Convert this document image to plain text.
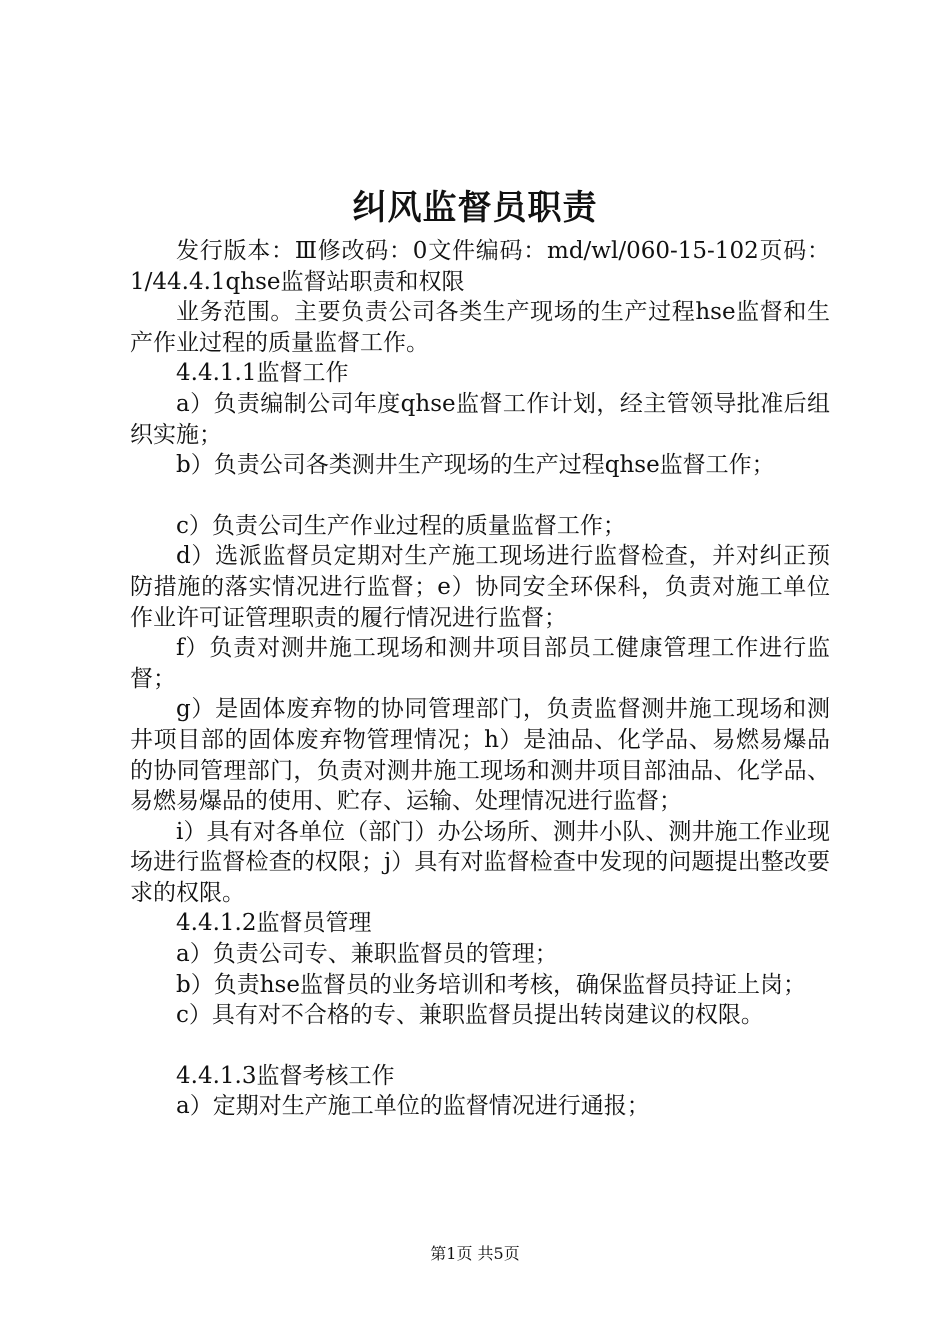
纠风监督员职责

发行版本：Ⅲ修改码：0文件编码：md/wl/060-15-102页码：1/44.4.1qhse监督站职责和权限

业务范围。主要负责公司各类生产现场的生产过程hse监督和生产作业过程的质量监督工作。

4.4.1.1监督工作

a）负责编制公司年度qhse监督工作计划，经主管领导批准后组织实施；

b）负责公司各类测井生产现场的生产过程qhse监督工作；

c）负责公司生产作业过程的质量监督工作；

d）选派监督员定期对生产施工现场进行监督检查，并对纠正预防措施的落实情况进行监督；e）协同安全环保科，负责对施工单位作业许可证管理职责的履行情况进行监督；

f）负责对测井施工现场和测井项目部员工健康管理工作进行监督；

g）是固体废弃物的协同管理部门，负责监督测井施工现场和测井项目部的固体废弃物管理情况；h）是油品、化学品、易燃易爆品的协同管理部门，负责对测井施工现场和测井项目部油品、化学品、易燃易爆品的使用、贮存、运输、处理情况进行监督；

i）具有对各单位（部门）办公场所、测井小队、测井施工作业现场进行监督检查的权限；j）具有对监督检查中发现的问题提出整改要求的权限。

4.4.1.2监督员管理

a）负责公司专、兼职监督员的管理；

b）负责hse监督员的业务培训和考核，确保监督员持证上岗；

c）具有对不合格的专、兼职监督员提出转岗建议的权限。

4.4.1.3监督考核工作

a）定期对生产施工单位的监督情况进行通报；

第1页 共5页
